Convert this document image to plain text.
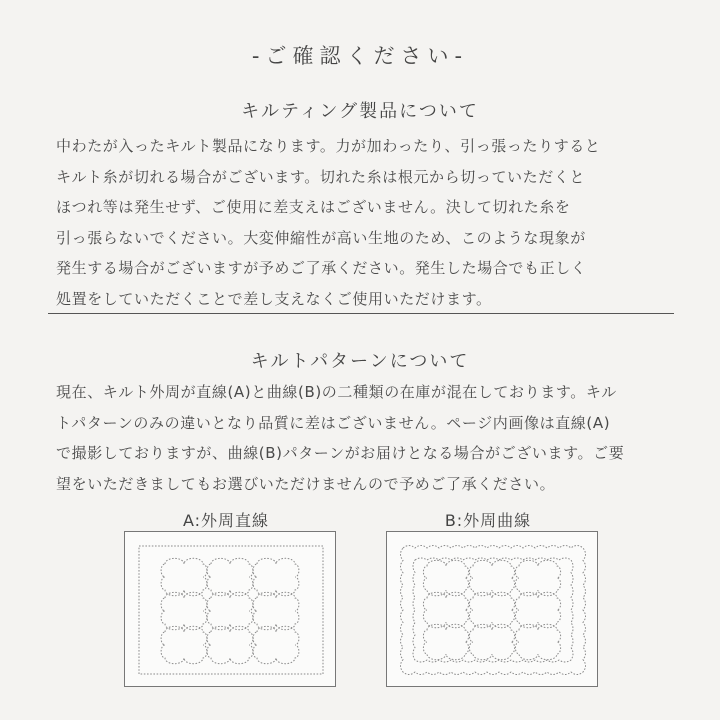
-ご確認ください-
キルティング製品について
中わたが入ったキルト製品になります。力が加わったり、引っ張ったりすると
キルト糸が切れる場合がございます。切れた糸は根元から切っていただくと
ほつれ等は発生せず、ご使用に差支えはございません。決して切れた糸を
引っ張らないでください。大変伸縮性が高い生地のため、このような現象が
発生する場合がございますが予めご了承ください。発生した場合でも正しく
処置をしていただくことで差し支えなくご使用いただけます。
キルトパターンについて
現在、キルト外周が直線(A)と曲線(B)の二種類の在庫が混在しております。キル
トパターンのみの違いとなり品質に差はございません。ページ内画像は直線(A)
で撮影しておりますが、曲線(B)パターンがお届けとなる場合がございます。ご要
望をいただきましてもお選びいただけませんので予めご了承ください。
A:外周直線	B:外周曲線
